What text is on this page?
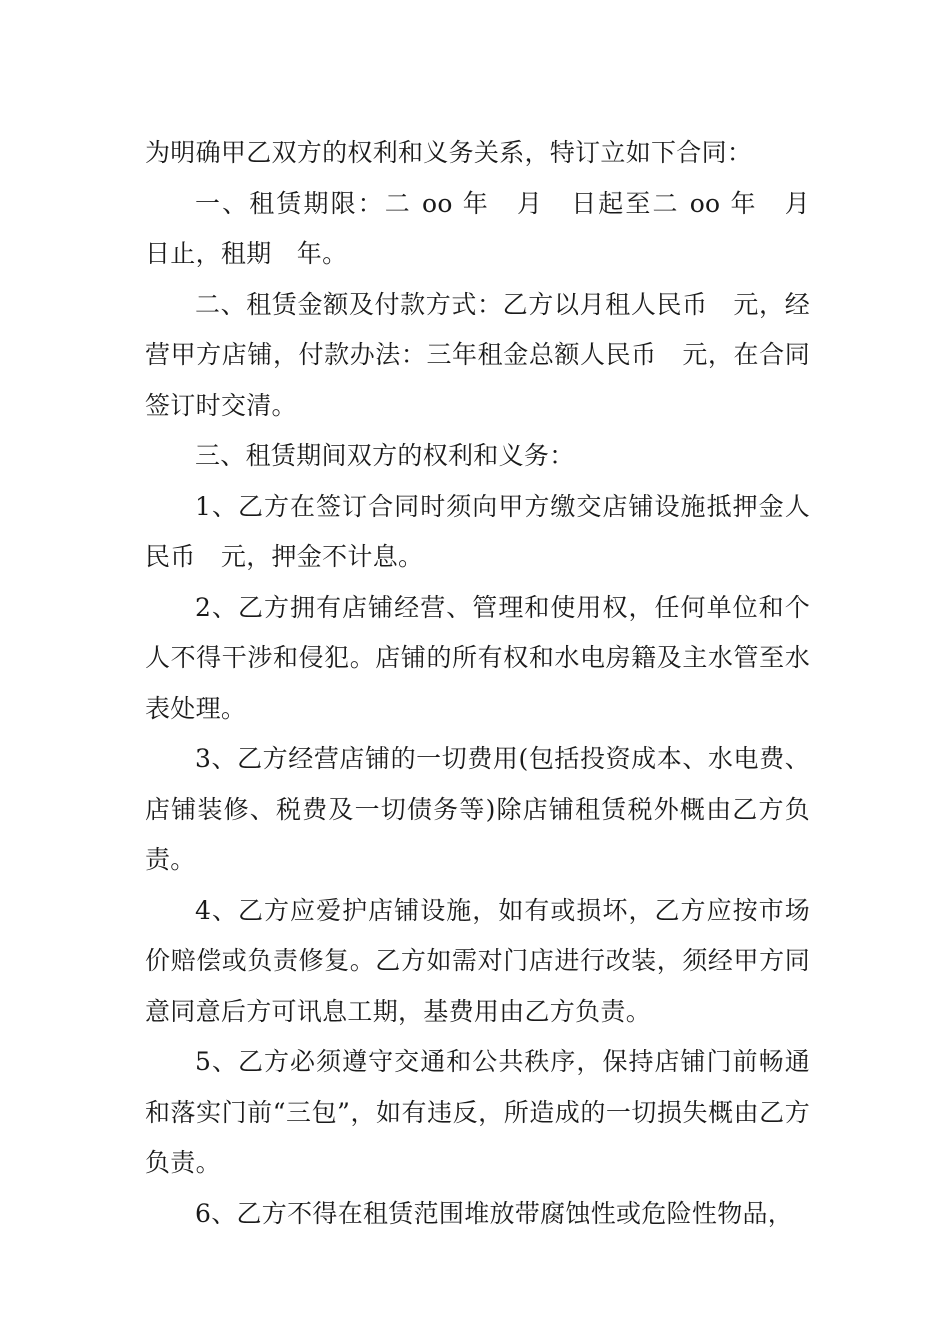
为明确甲乙双方的权利和义务关系，特订立如下合同：

一、租赁期限：二 oo 年　月　日起至二 oo 年　月　日止，租期　年。

二、租赁金额及付款方式：乙方以月租人民币　元，经营甲方店铺，付款办法：三年租金总额人民币　元，在合同签订时交清。

三、租赁期间双方的权利和义务：

1、乙方在签订合同时须向甲方缴交店铺设施抵押金人民币　元，押金不计息。

2、乙方拥有店铺经营、管理和使用权，任何单位和个人不得干涉和侵犯。店铺的所有权和水电房籍及主水管至水表处理。

3、乙方经营店铺的一切费用(包括投资成本、水电费、店铺装修、税费及一切债务等)除店铺租赁税外概由乙方负责。

4、乙方应爱护店铺设施，如有或损坏，乙方应按市场价赔偿或负责修复。乙方如需对门店进行改装，须经甲方同意同意后方可讯息工期，基费用由乙方负责。

5、乙方必须遵守交通和公共秩序，保持店铺门前畅通和落实门前“三包”，如有违反，所造成的一切损失概由乙方负责。

6、乙方不得在租赁范围堆放带腐蚀性或危险性物品，
